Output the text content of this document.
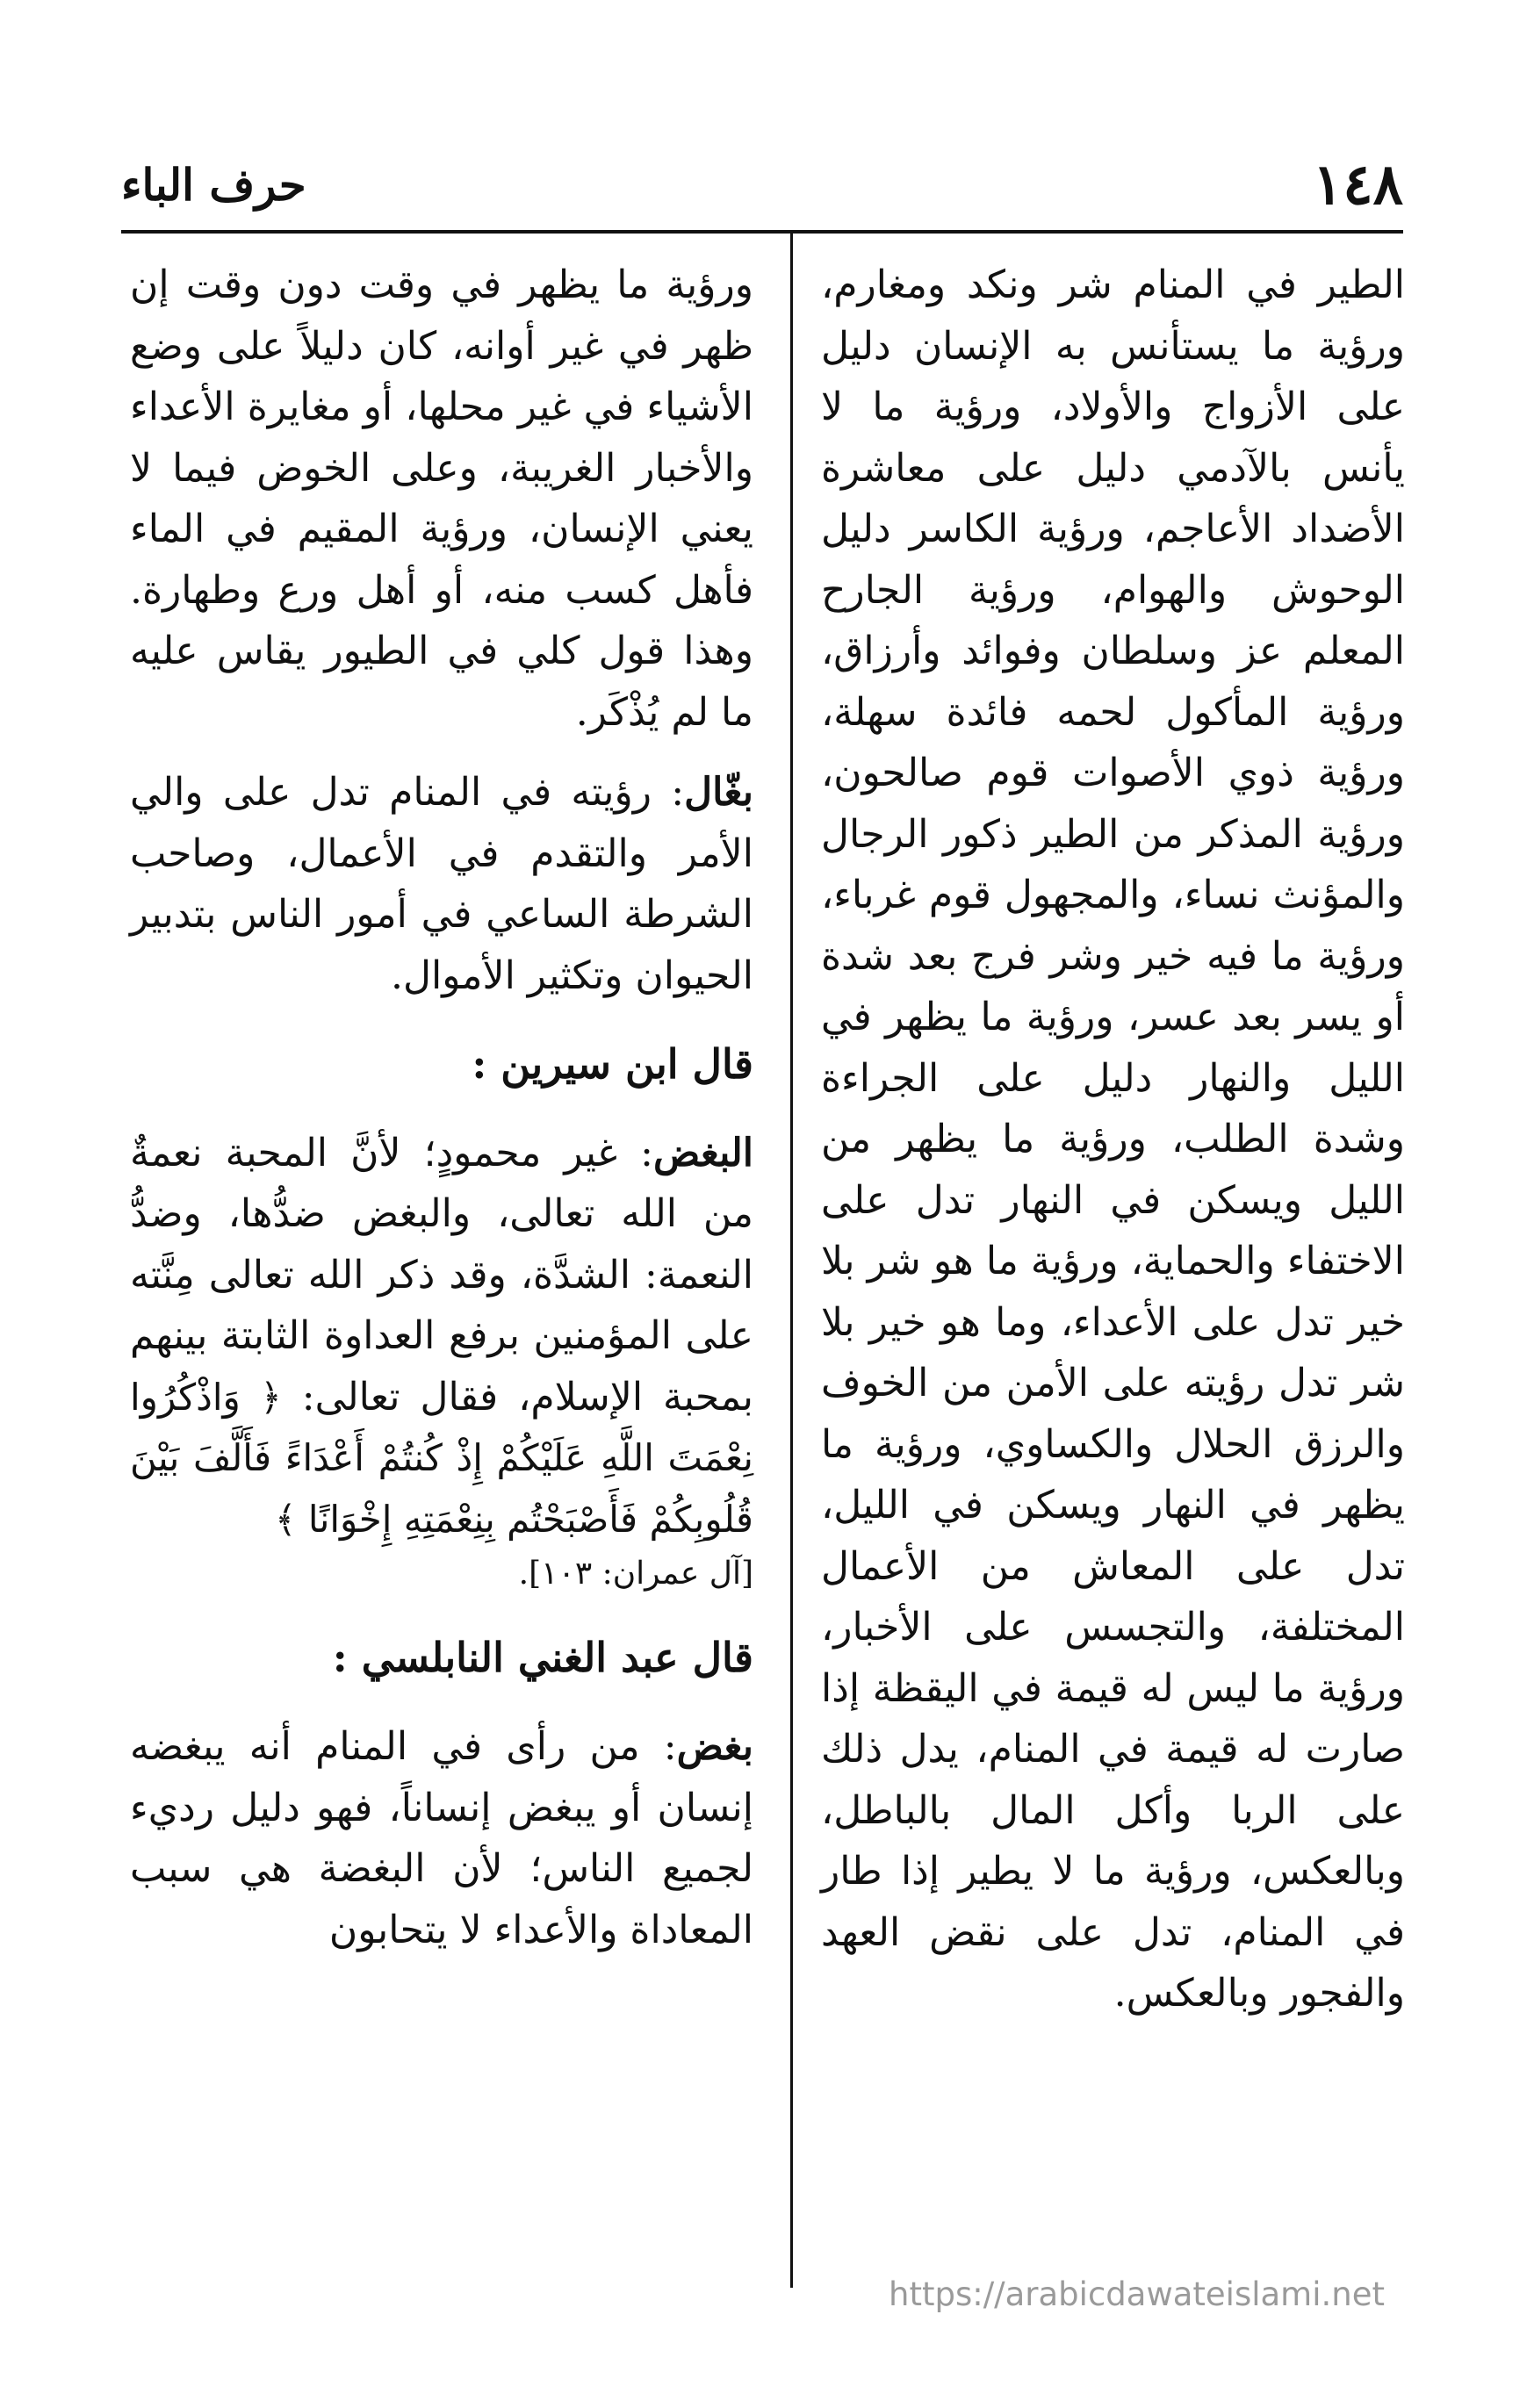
١٤٨
حرف الباء

الطير في المنام شر ونكد ومغارم، ورؤية ما يستأنس به الإنسان دليل على الأزواج والأولاد، ورؤية ما لا يأنس بالآدمي دليل على معاشرة الأضداد الأعاجم، ورؤية الكاسر دليل الوحوش والهوام، ورؤية الجارح المعلم عز وسلطان وفوائد وأرزاق، ورؤية المأكول لحمه فائدة سهلة، ورؤية ذوي الأصوات قوم صالحون، ورؤية المذكر من الطير ذكور الرجال والمؤنث نساء، والمجهول قوم غرباء، ورؤية ما فيه خير وشر فرج بعد شدة أو يسر بعد عسر، ورؤية ما يظهر في الليل والنهار دليل على الجراءة وشدة الطلب، ورؤية ما يظهر من الليل ويسكن في النهار تدل على الاختفاء والحماية، ورؤية ما هو شر بلا خير تدل على الأعداء، وما هو خير بلا شر تدل رؤيته على الأمن من الخوف والرزق الحلال والكساوي، ورؤية ما يظهر في النهار ويسكن في الليل، تدل على المعاش من الأعمال المختلفة، والتجسس على الأخبار، ورؤية ما ليس له قيمة في اليقظة إذا صارت له قيمة في المنام، يدل ذلك على الربا وأكل المال بالباطل، وبالعكس، ورؤية ما لا يطير إذا طار في المنام، تدل على نقض العهد والفجور وبالعكس.

ورؤية ما يظهر في وقت دون وقت إن ظهر في غير أوانه، كان دليلاً على وضع الأشياء في غير محلها، أو مغايرة الأعداء والأخبار الغريبة، وعلى الخوض فيما لا يعني الإنسان، ورؤية المقيم في الماء فأهل كسب منه، أو أهل ورع وطهارة. وهذا قول كلي في الطيور يقاس عليه ما لم يُذْكَر.

بغّال: رؤيته في المنام تدل على والي الأمر والتقدم في الأعمال، وصاحب الشرطة الساعي في أمور الناس بتدبير الحيوان وتكثير الأموال.

قال ابن سيرين :

البغض: غير محمودٍ؛ لأنَّ المحبة نعمةٌ من الله تعالى، والبغض ضدُّها، وضدُّ النعمة: الشدَّة، وقد ذكر الله تعالى مِنَّته على المؤمنين برفع العداوة الثابتة بينهم بمحبة الإسلام، فقال تعالى: ﴿ وَاذْكُرُوا نِعْمَتَ اللَّهِ عَلَيْكُمْ إِذْ كُنتُمْ أَعْدَاءً فَأَلَّفَ بَيْنَ قُلُوبِكُمْ فَأَصْبَحْتُم بِنِعْمَتِهِ إِخْوَانًا ﴾
[آل عمران: ١٠٣].

قال عبد الغني النابلسي :

بغض: من رأى في المنام أنه يبغضه إنسان أو يبغض إنساناً، فهو دليل رديء لجميع الناس؛ لأن البغضة هي سبب المعاداة والأعداء لا يتحابون

https://arabicdawateislami.net
